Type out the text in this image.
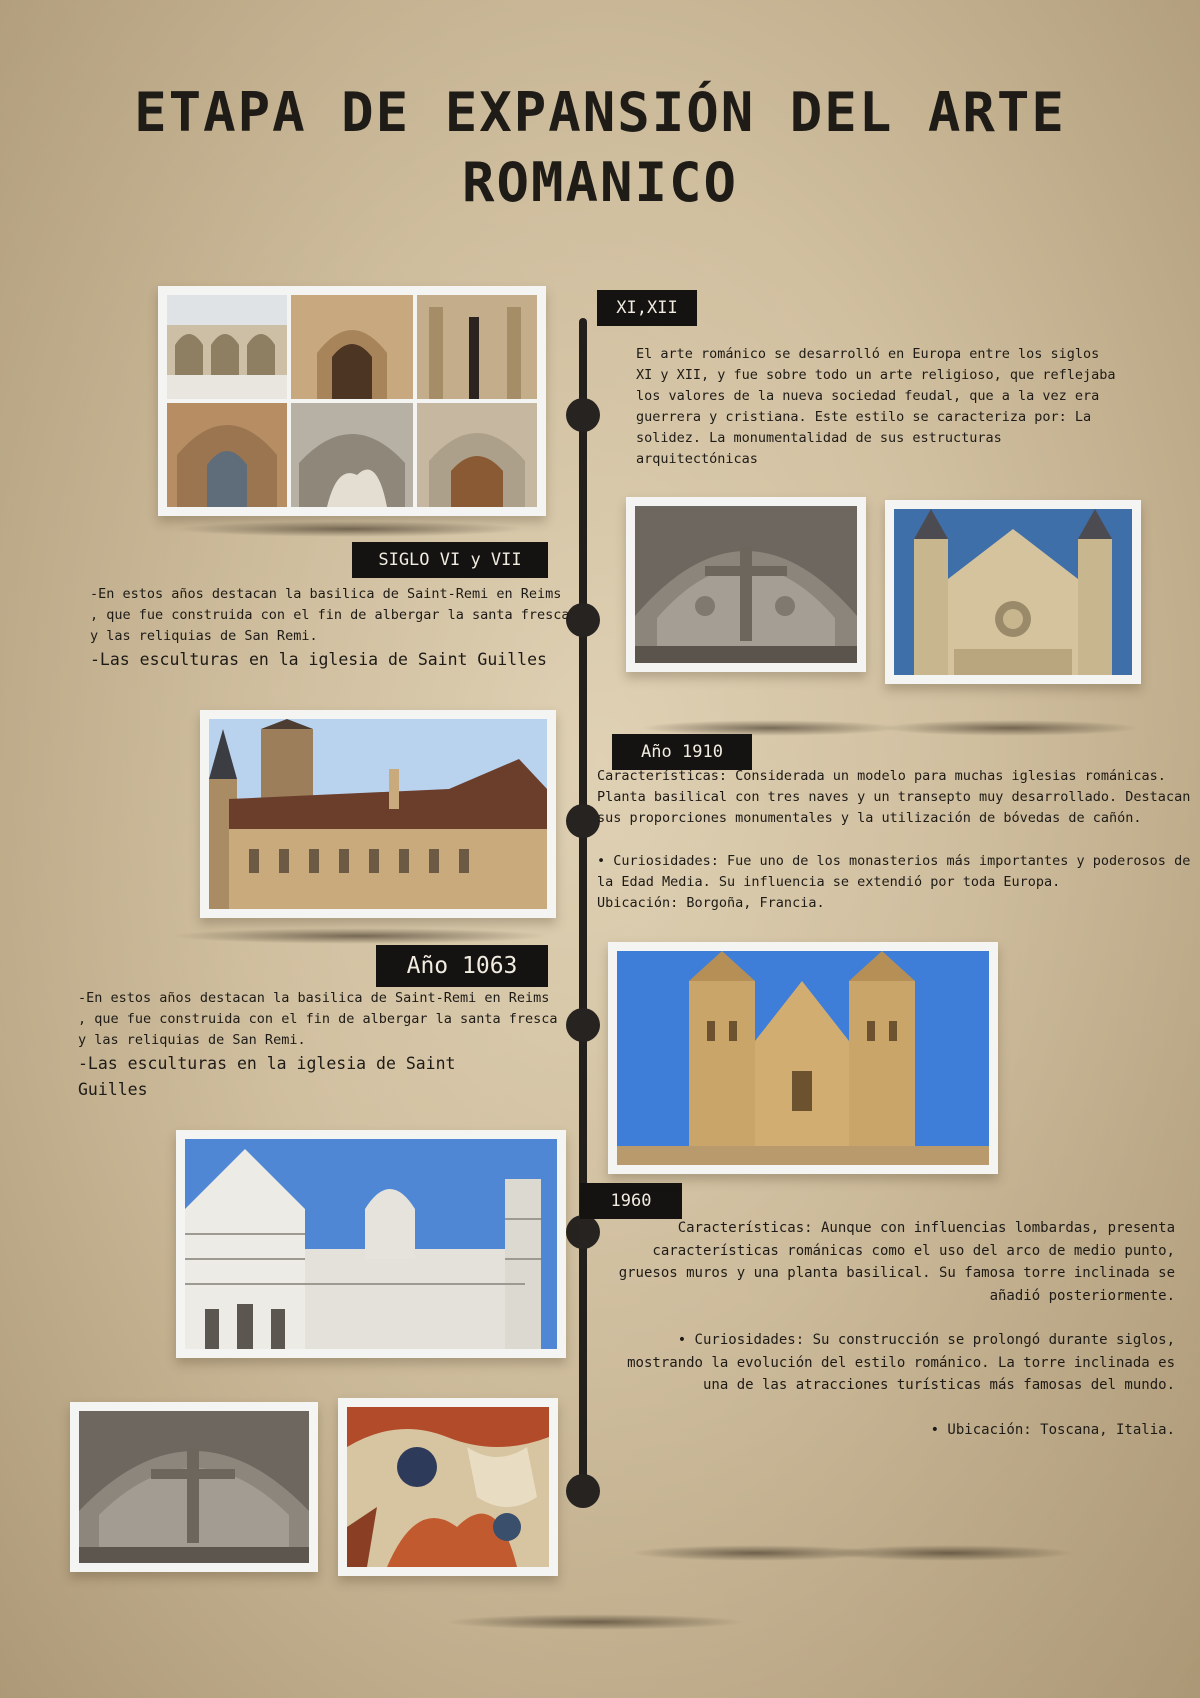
ETAPA DE EXPANSIÓN DEL ARTE ROMANICO
XI,XII

El arte románico se desarrolló en Europa entre los siglos XI y XII, y fue sobre todo un arte religioso, que reflejaba los valores de la nueva sociedad feudal, que a la vez era guerrera y cristiana. Este estilo se caracteriza por: La solidez. La monumentalidad de sus estructuras arquitectónicas

SIGLO VI y VII

-En estos años destacan la basilica de Saint-Remi en Reims , que fue construida con el fin de albergar la santa fresca y las reliquias de San Remi.

-Las esculturas en la iglesia de Saint Guilles

Año 1910

Características: Considerada un modelo para muchas iglesias románicas. Planta basilical con tres naves y un transepto muy desarrollado. Destacan sus proporciones monumentales y la utilización de bóvedas de cañón.

• Curiosidades: Fue uno de los monasterios más importantes y poderosos de la Edad Media. Su influencia se extendió por toda Europa.

Ubicación: Borgoña, Francia.

Año 1063

-En estos años destacan la basilica de Saint-Remi en Reims , que fue construida con el fin de albergar la santa fresca y las reliquias de San Remi.

-Las esculturas en la iglesia de Saint Guilles

1960

Características: Aunque con influencias lombardas, presenta características románicas como el uso del arco de medio punto, gruesos muros y una planta basilical. Su famosa torre inclinada se añadió posteriormente.

• Curiosidades: Su construcción se prolongó durante siglos, mostrando la evolución del estilo románico. La torre inclinada es una de las atracciones turísticas más famosas del mundo.

• Ubicación: Toscana, Italia.
